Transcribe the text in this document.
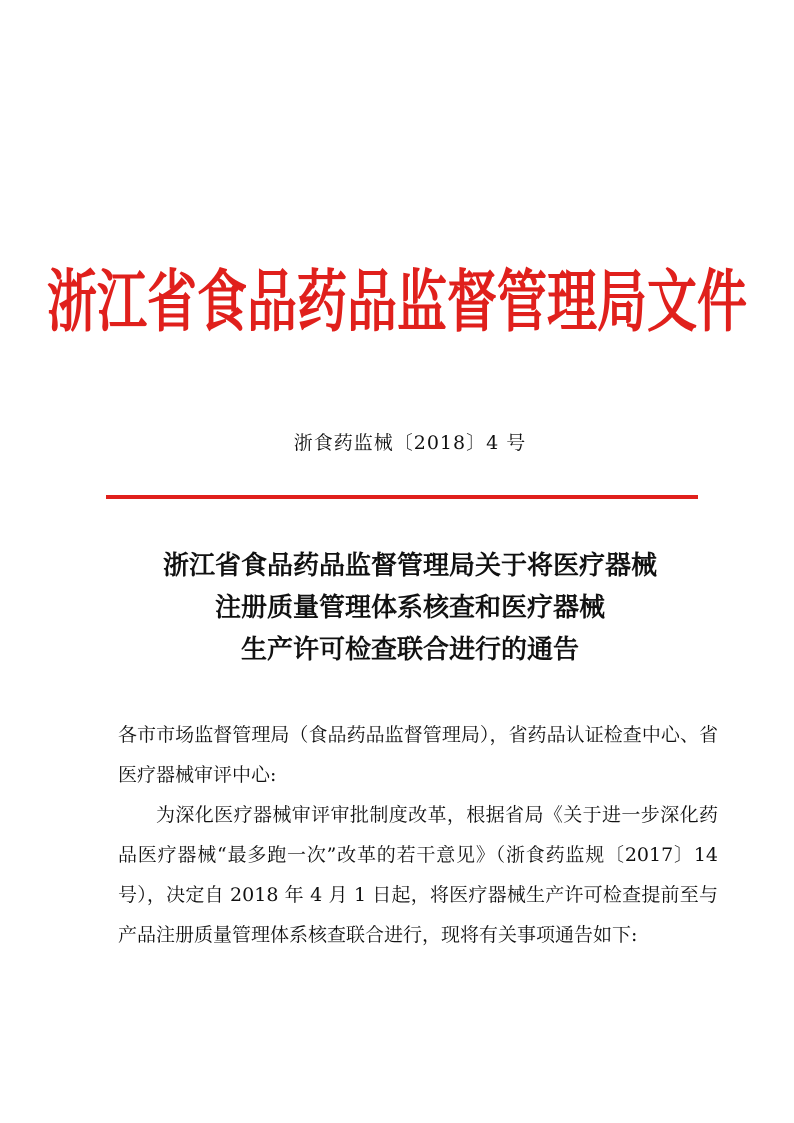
浙江省食品药品监督管理局文件
浙食药监械〔2018〕4 号
浙江省食品药品监督管理局关于将医疗器械
注册质量管理体系核查和医疗器械
生产许可检查联合进行的通告

各市市场监督管理局（食品药品监督管理局），省药品认证检查中心、省医疗器械审评中心:

为深化医疗器械审评审批制度改革，根据省局《关于进一步深化药品医疗器械“最多跑一次”改革的若干意见》（浙食药监规〔2017〕14 号），决定自 2018 年 4 月 1 日起，将医疗器械生产许可检查提前至与产品注册质量管理体系核查联合进行，现将有关事项通告如下:
